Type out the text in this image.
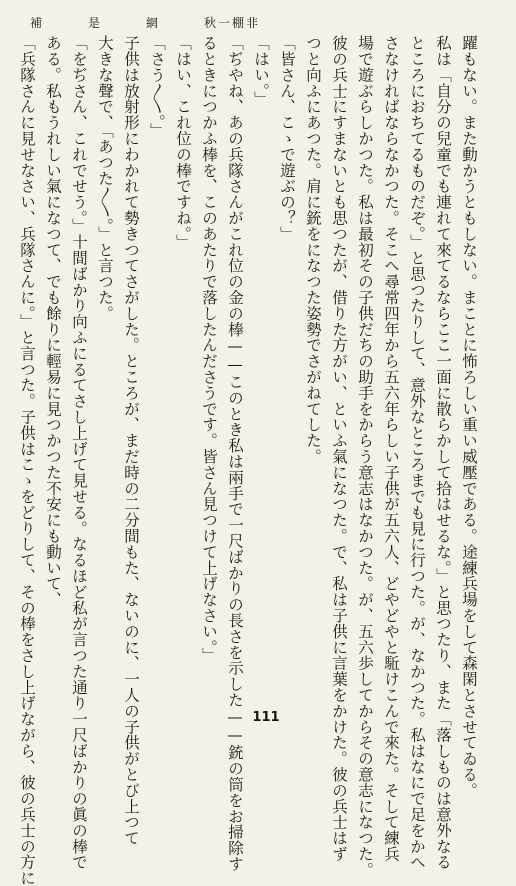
補	是	網	秋一棚非

躍もない。また動かうともしない。まことに怖ろしい重い威壓である。途練兵場をして森閑とさせてゐる。

私は「自分の兒童でも連れて來てるならここ一面に散らかして拾はせるな。」と思つたり、また「落しものは意外なる

ところにおちてるものだぞ。」と思つたりして、意外なところまでも見に行つた。が、なかつた。私はなにで足をかへ

さなければならなかつた。そこへ尋常四年から五六年らしい子供が五六人、どやどやと駈けこんで來た。そして練兵

場で遊ぶらしかつた。私は最初その子供だちの助手をからう意志はなかつた。が、五六歩してからその意志になつた。

彼の兵士にすまないとも思つたが、借りた方がい、といふ氣になつた。で、私は子供に言葉をかけた。彼の兵士はず

つと向ふにあつた。肩に銃をになつた姿勢でさがねてした。

「皆さん、こゝで遊ぶの？」

「はい。」

「ぢやね、あの兵隊さんがこれ位の金の棒——このとき私は兩手で一尺ばかりの長さを示した——銃の筒をお掃除す

るときにつかふ棒を、このあたりで落したんださうです。皆さん見つけて上げなさい。」

「はい、これ位の棒ですね。」

「さう〳〵。」

子供は放射形にわかれて勢きつてさがした。ところが、まだ時の二分間もた、ないのに、一人の子供がとび上つて

大きな聲で、「あつた〳〵。」と言つた。

「をぢさん、これでせう。」十間ばかり向ふにるてさし上げて見せる。なるほど私が言つた通り一尺ばかりの眞の棒で

ある。私もうれしい氣になつて、でも餘りに輕易に見つかつた不安にも動いて、

「兵隊さんに見せなさい、兵隊さんに。」と言つた。子供はこゝをどりして、その棒をさし上げながら、彼の兵士の方に	111
